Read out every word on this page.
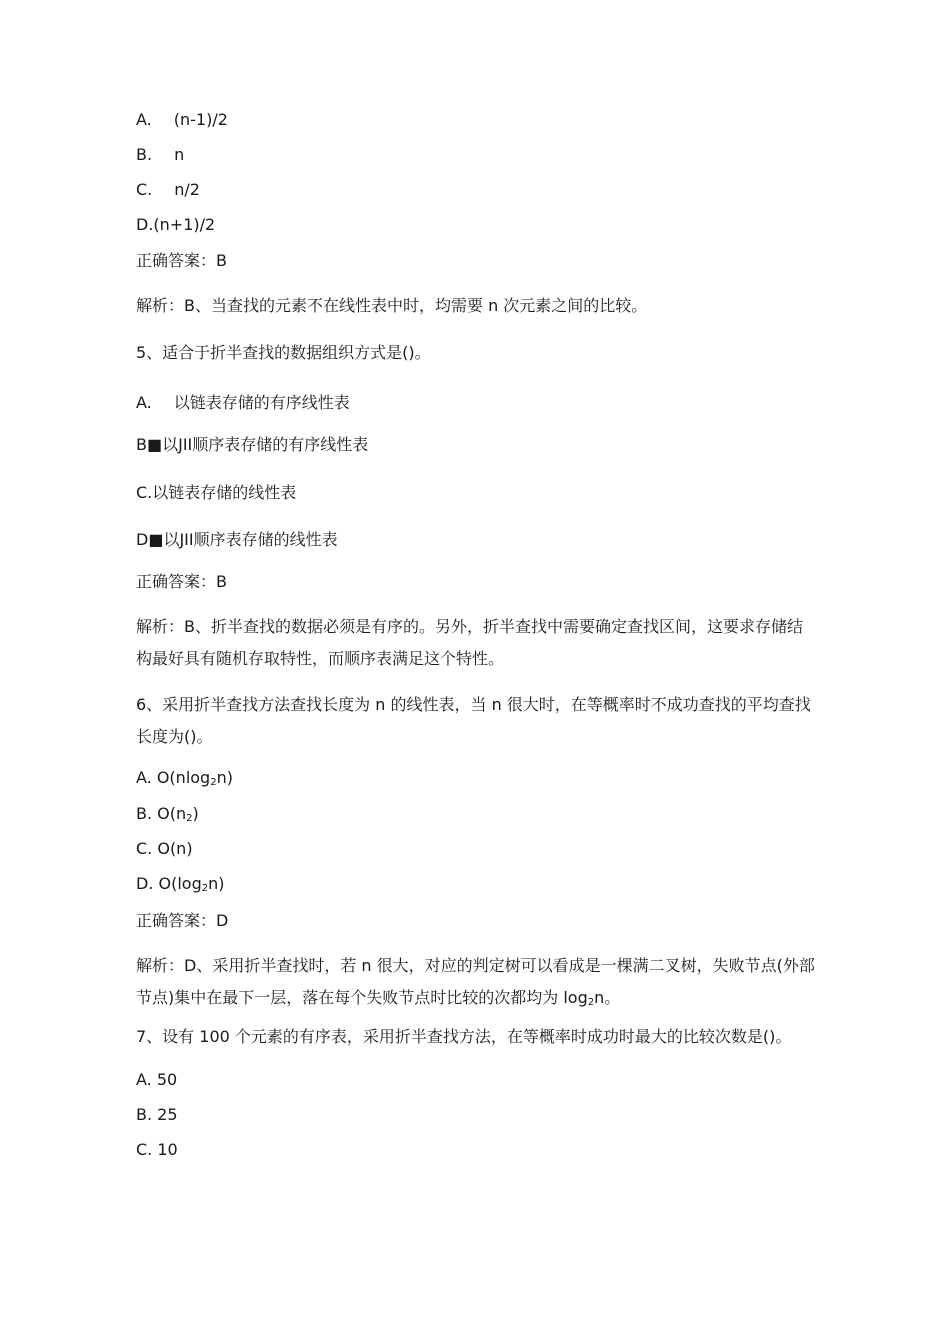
A. (n-1)/2
B. n
C. n/2
D.(n+1)/2
正确答案：B
解析：B、当查找的元素不在线性表中时，均需要 n 次元素之间的比较。
5、适合于折半查找的数据组织方式是()。
A. 以链表存储的有序线性表
B■以JII顺序表存储的有序线性表
C.以链表存储的线性表
D■以JII顺序表存储的线性表
正确答案：B
解析：B、折半查找的数据必须是有序的。另外，折半查找中需要确定查找区间，这要求存储结构最好具有随机存取特性，而顺序表满足这个特性。
6、采用折半查找方法查找长度为 n 的线性表，当 n 很大时，在等概率时不成功查找的平均查找长度为()。
A. O(nlog$_2$n)
B. $O(n_2)$
C. O(n)
D. $O(\log_2n)$
正确答案：D
解析：D、采用折半查找时，若 n 很大，对应的判定树可以看成是一棵满二叉树，失败节点(外部节点)集中在最下一层，落在每个失败节点时比较的次都均为 $\log_2n$。
7、设有 100 个元素的有序表，采用折半查找方法，在等概率时成功时最大的比较次数是()。
A. 50
B. 25
C. 10
